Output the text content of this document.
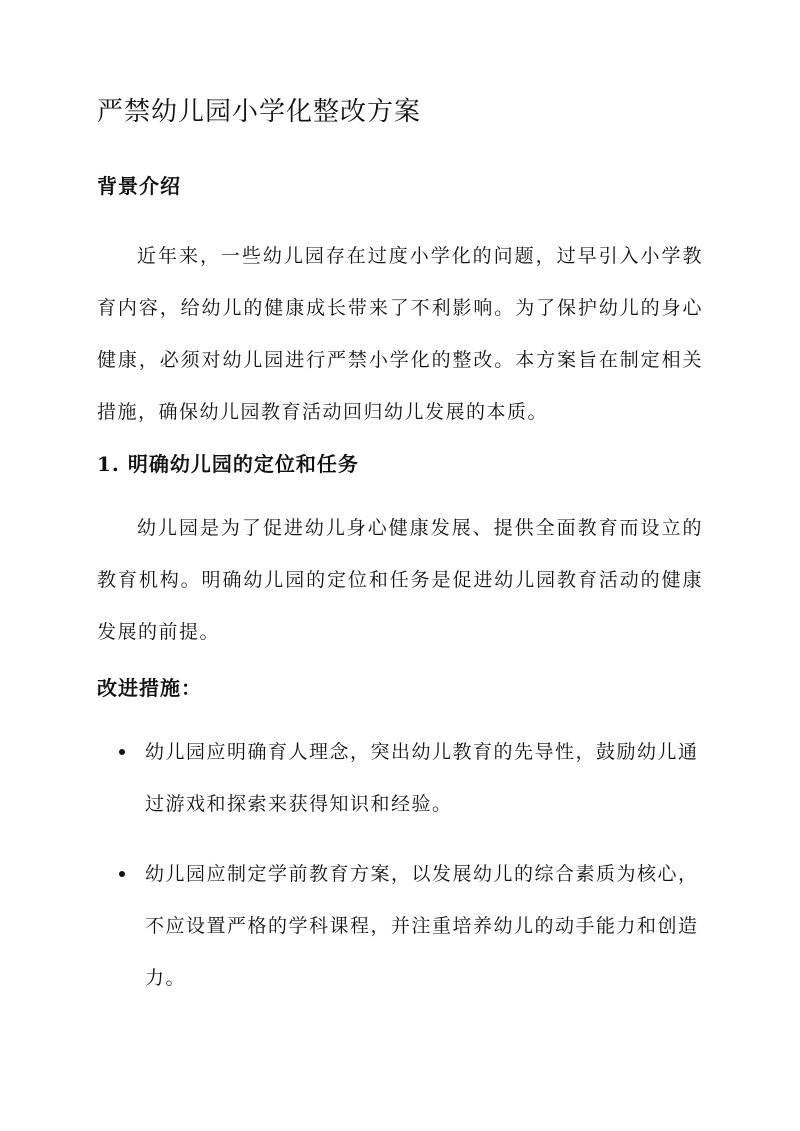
严禁幼儿园小学化整改方案
背景介绍

近年来，一些幼儿园存在过度小学化的问题，过早引入小学教育内容，给幼儿的健康成长带来了不利影响。为了保护幼儿的身心健康，必须对幼儿园进行严禁小学化的整改。本方案旨在制定相关措施，确保幼儿园教育活动回归幼儿发展的本质。

1. 明确幼儿园的定位和任务

幼儿园是为了促进幼儿身心健康发展、提供全面教育而设立的教育机构。明确幼儿园的定位和任务是促进幼儿园教育活动的健康发展的前提。

改进措施：
幼儿园应明确育人理念，突出幼儿教育的先导性，鼓励幼儿通过游戏和探索来获得知识和经验。
幼儿园应制定学前教育方案，以发展幼儿的综合素质为核心，不应设置严格的学科课程，并注重培养幼儿的动手能力和创造力。
